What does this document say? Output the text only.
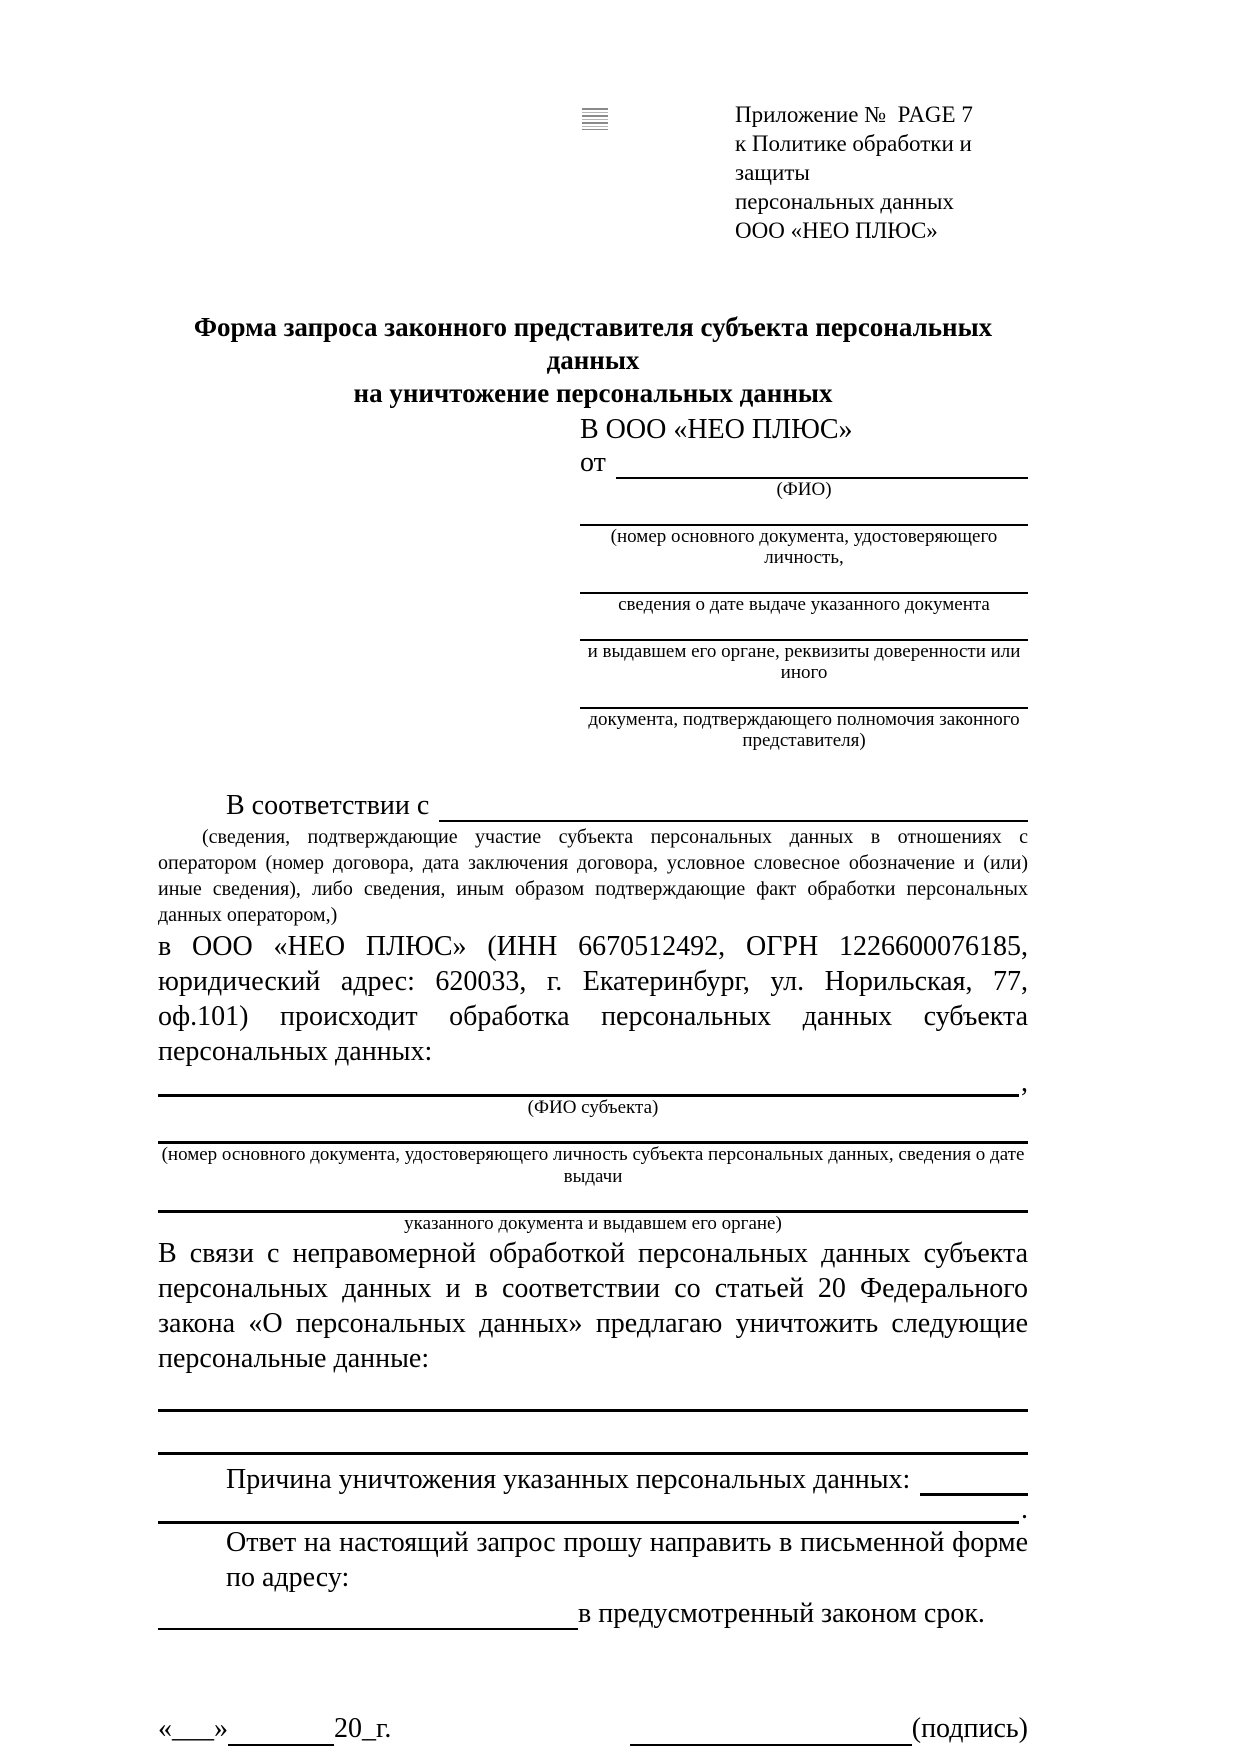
Приложение №  PAGE 7
к Политике обработки и защиты
персональных данных
ООО «НЕО ПЛЮС»
Форма запроса законного представителя субъекта персональных данных
на уничтожение персональных данных
В ООО «НЕО ПЛЮС»
от
(ФИО)
(номер основного документа, удостоверяющего личность,
сведения о дате выдаче указанного документа
и выдавшем его органе, реквизиты доверенности или иного
документа, подтверждающего полномочия законного представителя)
В соответствии с

(сведения, подтверждающие участие субъекта персональных данных в отношениях с оператором (номер договора, дата заключения договора, условное словесное обозначение и (или) иные сведения), либо сведения, иным образом подтверждающие факт обработки персональных данных оператором,)

в ООО «НЕО ПЛЮС» (ИНН 6670512492, ОГРН 1226600076185, юридический адрес: 620033, г. Екатеринбург, ул. Норильская, 77, оф.101) происходит обработка персональных данных субъекта персональных данных:

,
(ФИО субъекта)
(номер основного документа, удостоверяющего личность субъекта персональных данных, сведения о дате выдачи
указанного документа и выдавшем его органе)

В связи с неправомерной обработкой персональных данных субъекта персональных данных и в соответствии со статьей 20 Федерального закона «О персональных данных» предлагаю уничтожить следующие персональные данные:

Причина уничтожения указанных персональных данных:
.

Ответ на настоящий запрос прошу направить в письменной форме по адресу:

в предусмотренный законом срок.
«___»	20_г.	(подпись)
